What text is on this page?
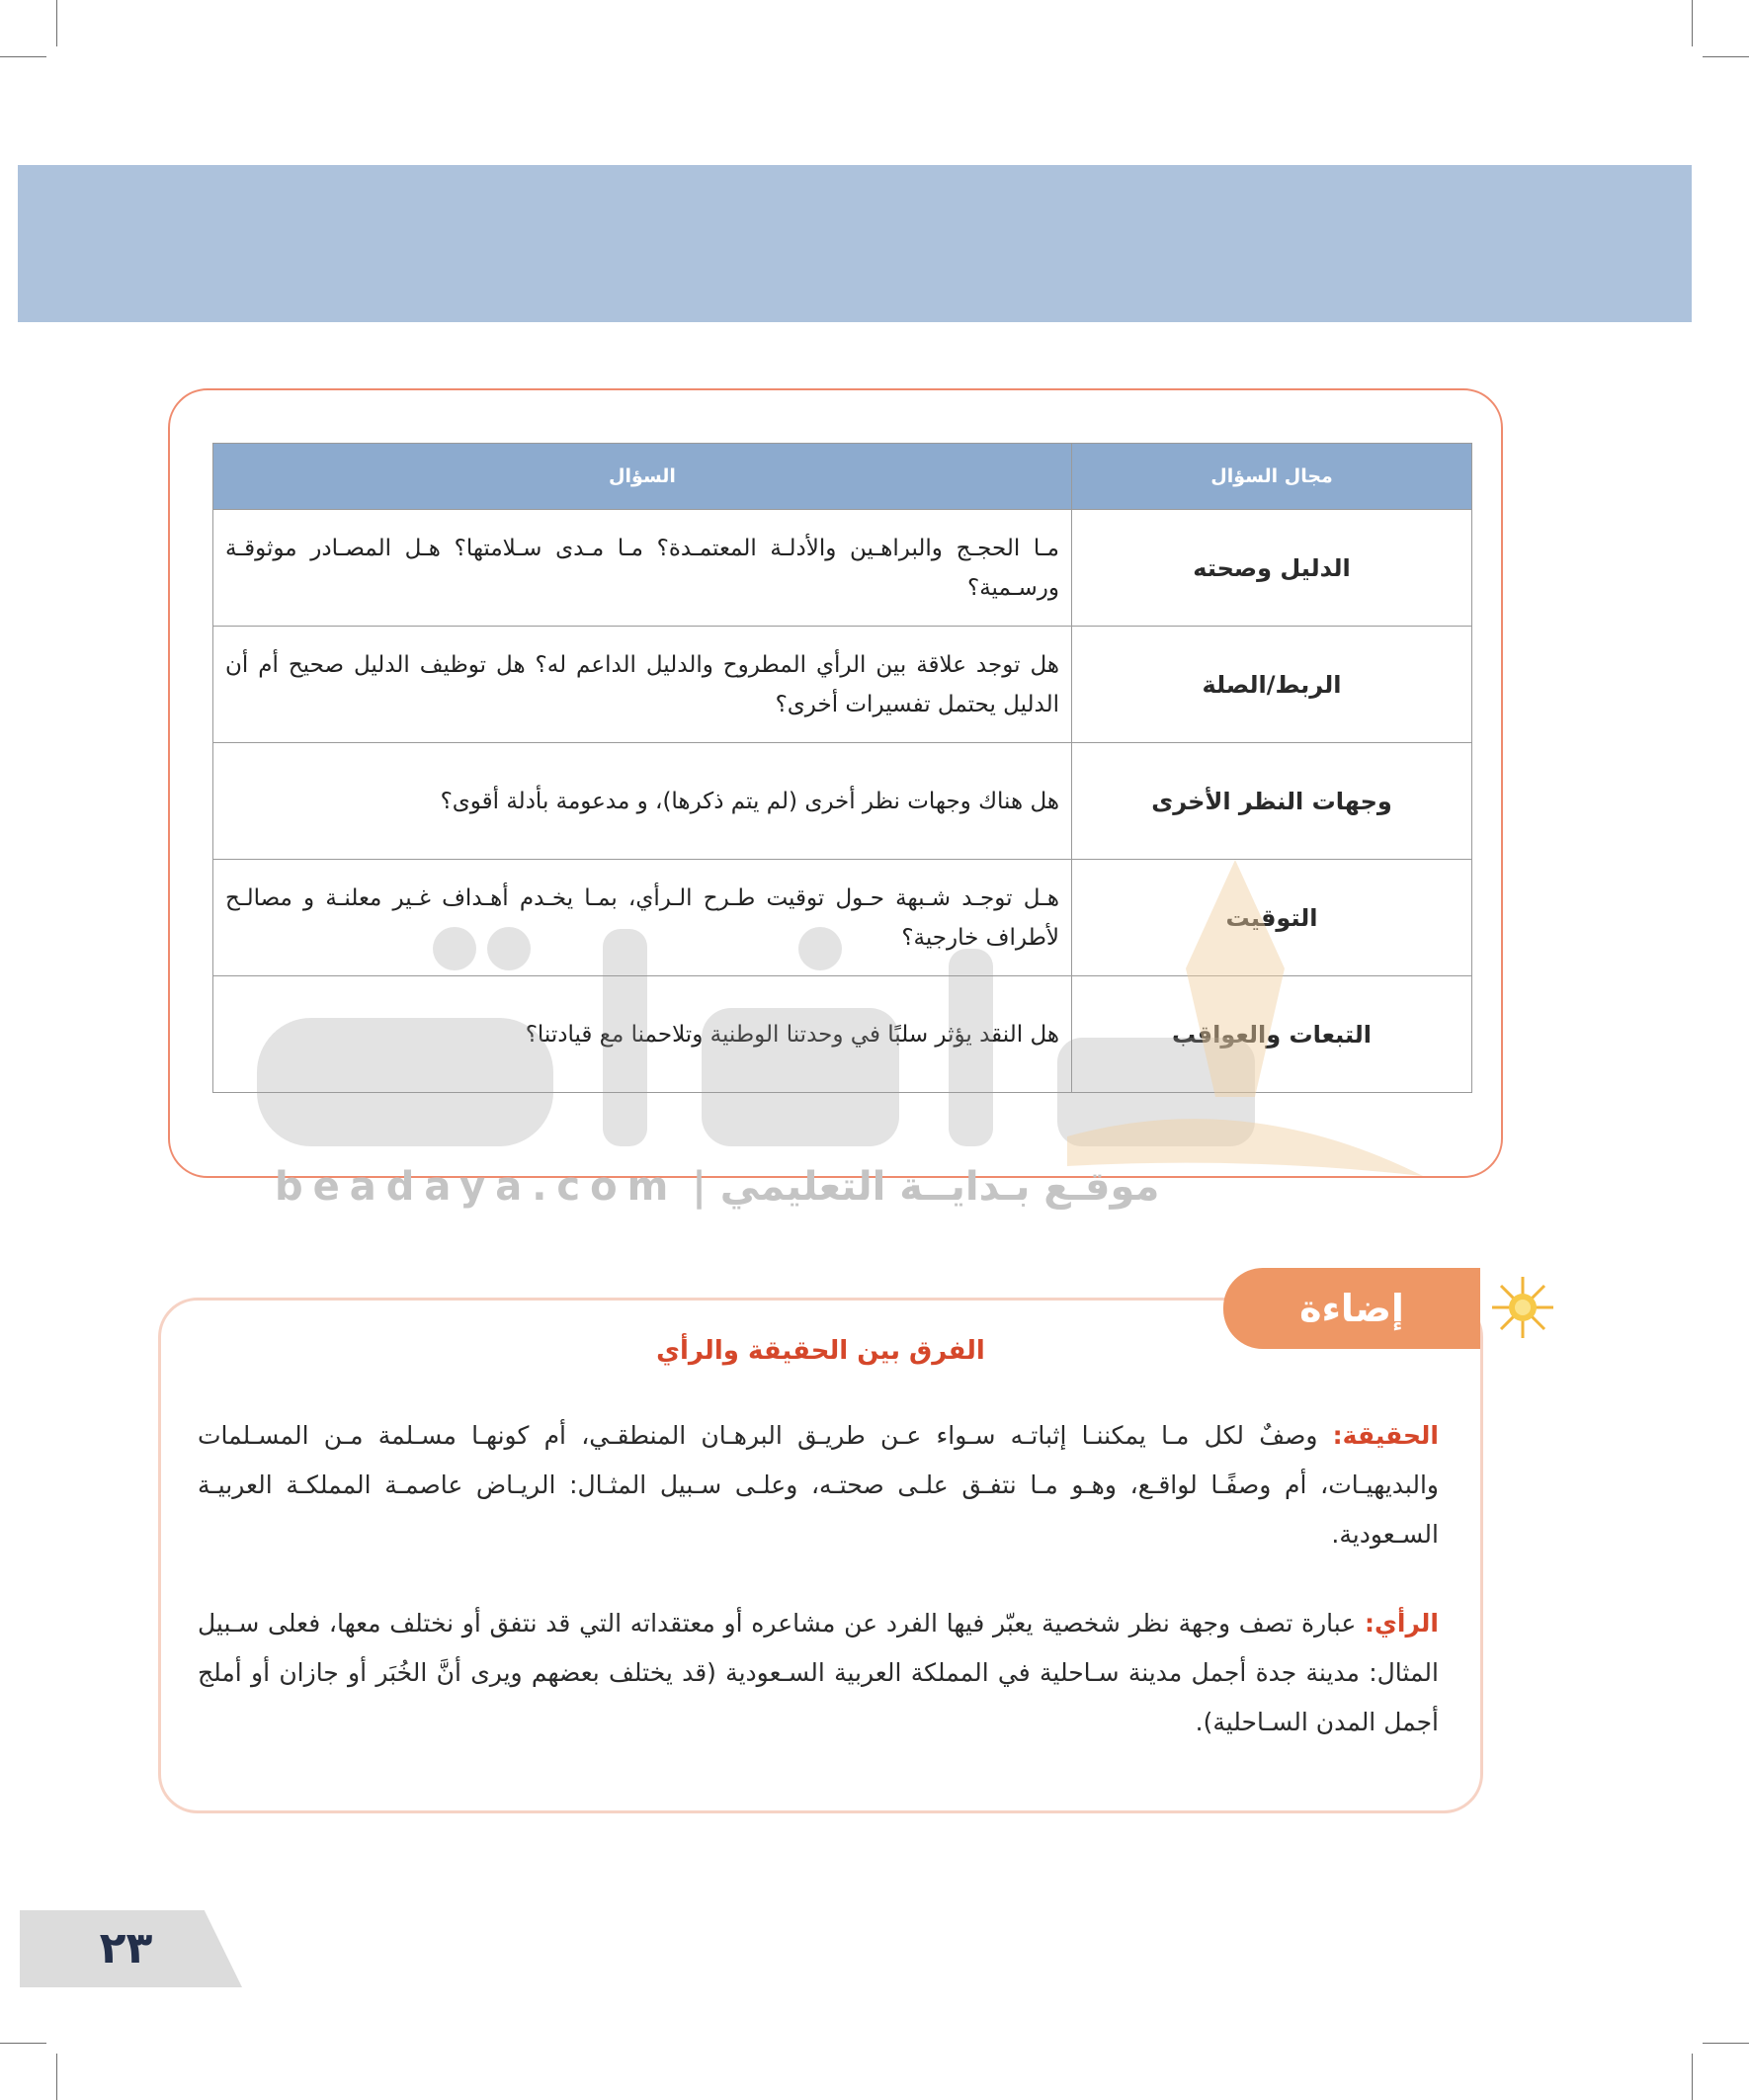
مجال السؤال	السؤال
الدليل وصحته	مـا الحجـج والبراهـين والأدلـة المعتمـدة؟ مـا مـدى سـلامتها؟ هـل المصـادر موثوقـة ورسـمية؟
الربط/الصلة	هل توجد علاقة بين الرأي المطروح والدليل الداعم له؟ هل توظيف الدليل صحيح أم أن الدليل يحتمل تفسيرات أخرى؟
وجهات النظر الأخرى	هل هناك وجهات نظر أخرى (لم يتم ذكرها)، و مدعومة بأدلة أقوى؟
التوقيت	هـل توجـد شـبهة حـول توقيت طـرح الـرأي، بمـا يخـدم أهـداف غـير معلنـة و مصالـح لأطراف خارجية؟
التبعات والعواقب	هل النقد يؤثر سلبًا في وحدتنا الوطنية وتلاحمنا مع قيادتنا؟
موقـع بـدايــة التعليمي | beadaya.com
إضاءة
الفرق بين الحقيقة والرأي

الحقيقة: وصفٌ لكل مـا يمكننـا إثباتـه سـواء عـن طريـق البرهـان المنطقـي، أم كونهـا مسـلمة مـن المسـلمات والبديهيـات، أم وصفًـا لواقـع، وهـو مـا نتفـق علـى صحتـه، وعلـى سـبيل المثـال: الريـاض عاصمـة المملكـة العربيـة السـعودية.

الرأي: عبارة تصف وجهة نظر شخصية يعبّر فيها الفرد عن مشاعره أو معتقداته التي قد نتفق أو نختلف معها، فعلى سـبيل المثال: مدينة جدة أجمل مدينة سـاحلية في المملكة العربية السـعودية (قد يختلف بعضهم ويرى أنَّ الخُبَر أو جازان أو أملج أجمل المدن السـاحلية).

٢٣
